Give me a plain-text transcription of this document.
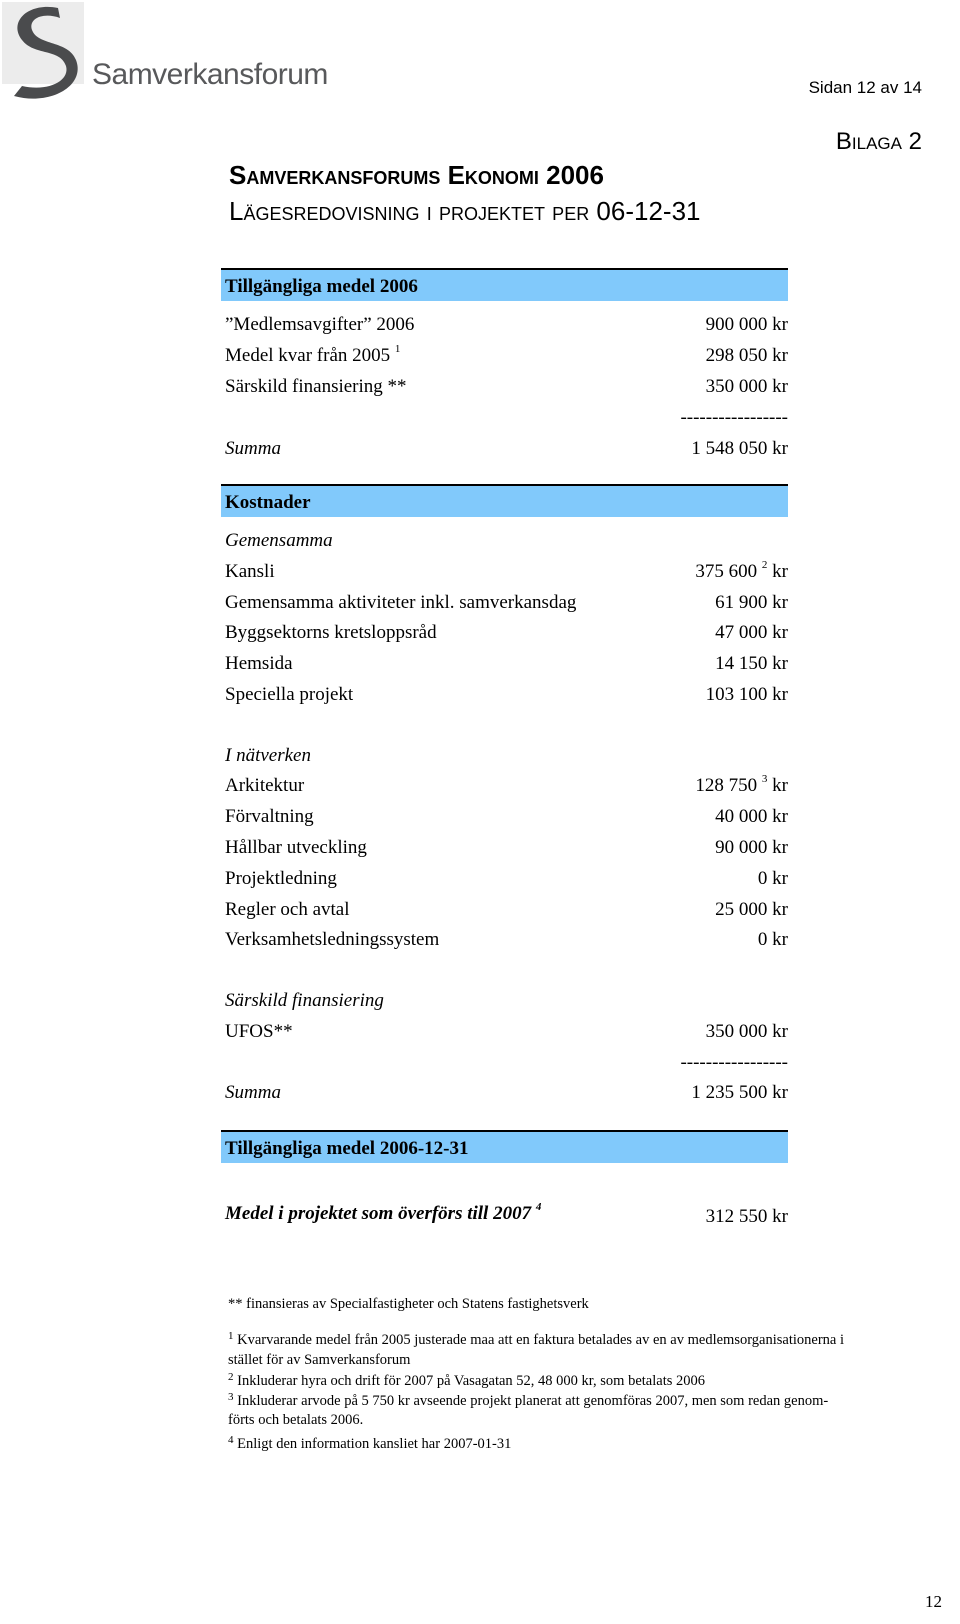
Samverkansforum	Sidan 12 av 14
Bilaga 2
Samverkansforums Ekonomi 2006
Lägesredovisning i projektet per 06-12-31
Tillgängliga medel 2006
”Medlemsavgifter” 2006	900 000 kr
Medel kvar från 2005 $^1$	298 050 kr
Särskild finansiering **	350 000 kr
-----------------
Summa	1 548 050 kr
Kostnader
Gemensamma
Kansli	375 600 $^2$ kr
Gemensamma aktiviteter inkl. samverkansdag	61 900 kr
Byggsektorns kretsloppsråd	47 000 kr
Hemsida	14 150 kr
Speciella projekt	103 100 kr
I nätverken
Arkitektur	128 750 $^3$ kr
Förvaltning	40 000 kr
Hållbar utveckling	90 000 kr
Projektledning	0 kr
Regler och avtal	25 000 kr
Verksamhetsledningssystem	0 kr
Särskild finansiering
UFOS**	350 000 kr
-----------------
Summa	1 235 500 kr
Tillgängliga medel 2006-12-31
Medel i projektet som överförs till 2007 $^4$	312 550 kr
** finansieras av Specialfastigheter och Statens fastighetsverk
$^1$ Kvarvarande medel från 2005 justerade maa att en faktura betalades av en av medlemsorganisationerna i
stället för av Samverkansforum
$^2$ Inkluderar hyra och drift för 2007 på Vasagatan 52, 48 000 kr, som betalats 2006
$^3$ Inkluderar arvode på 5 750 kr avseende projekt planerat att genomföras 2007, men som redan genom-
förts och betalats 2006.
$^4$ Enligt den information kansliet har 2007-01-31
12
